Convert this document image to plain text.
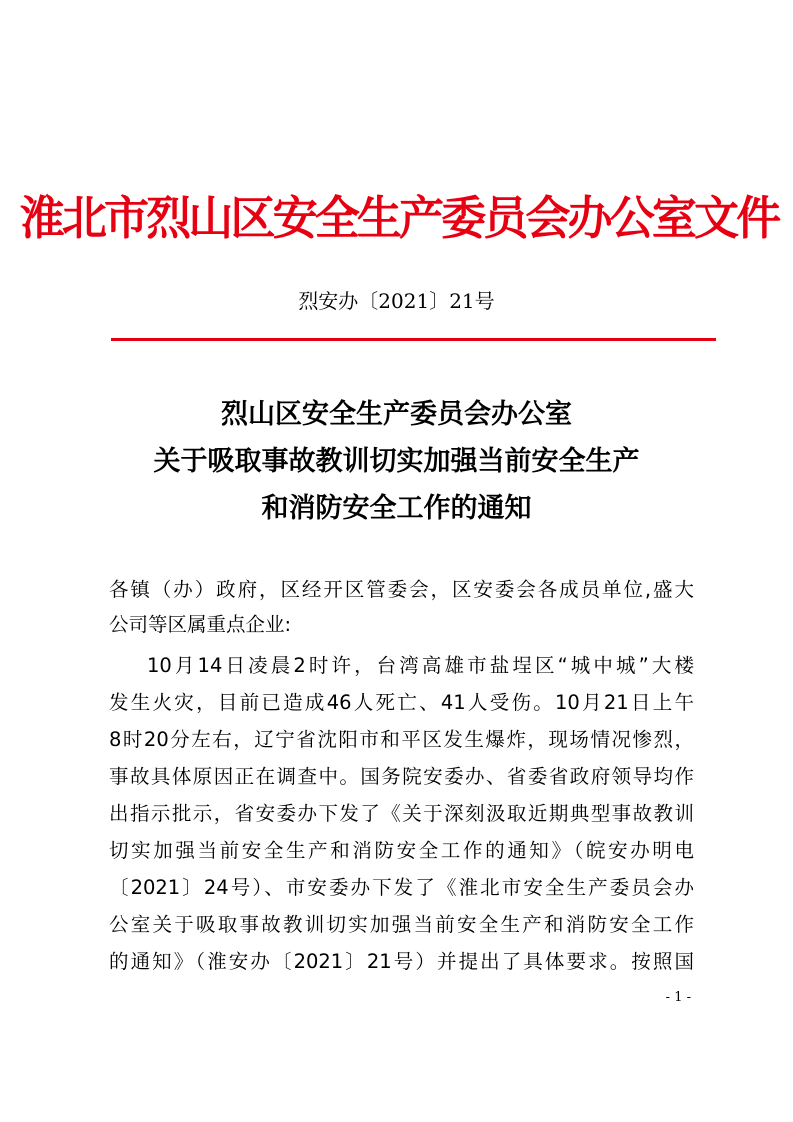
淮北市烈山区安全生产委员会办公室文件
烈安办〔2021〕21号
烈山区安全生产委员会办公室
关于吸取事故教训切实加强当前安全生产
和消防安全工作的通知
各镇（办）政府，区经开区管委会，区安委会各成员单位,盛大
公司等区属重点企业:
10月14日凌晨2时许，台湾高雄市盐埕区“城中城”大楼
发生火灾，目前已造成46人死亡、41人受伤。10月21日上午
8时20分左右，辽宁省沈阳市和平区发生爆炸，现场情况惨烈，
事故具体原因正在调查中。国务院安委办、省委省政府领导均作
出指示批示，省安委办下发了《关于深刻汲取近期典型事故教训
切实加强当前安全生产和消防安全工作的通知》（皖安办明电
〔2021〕24号）、市安委办下发了《淮北市安全生产委员会办
公室关于吸取事故教训切实加强当前安全生产和消防安全工作
的通知》（淮安办〔2021〕21号）并提出了具体要求。按照国
- 1 -
